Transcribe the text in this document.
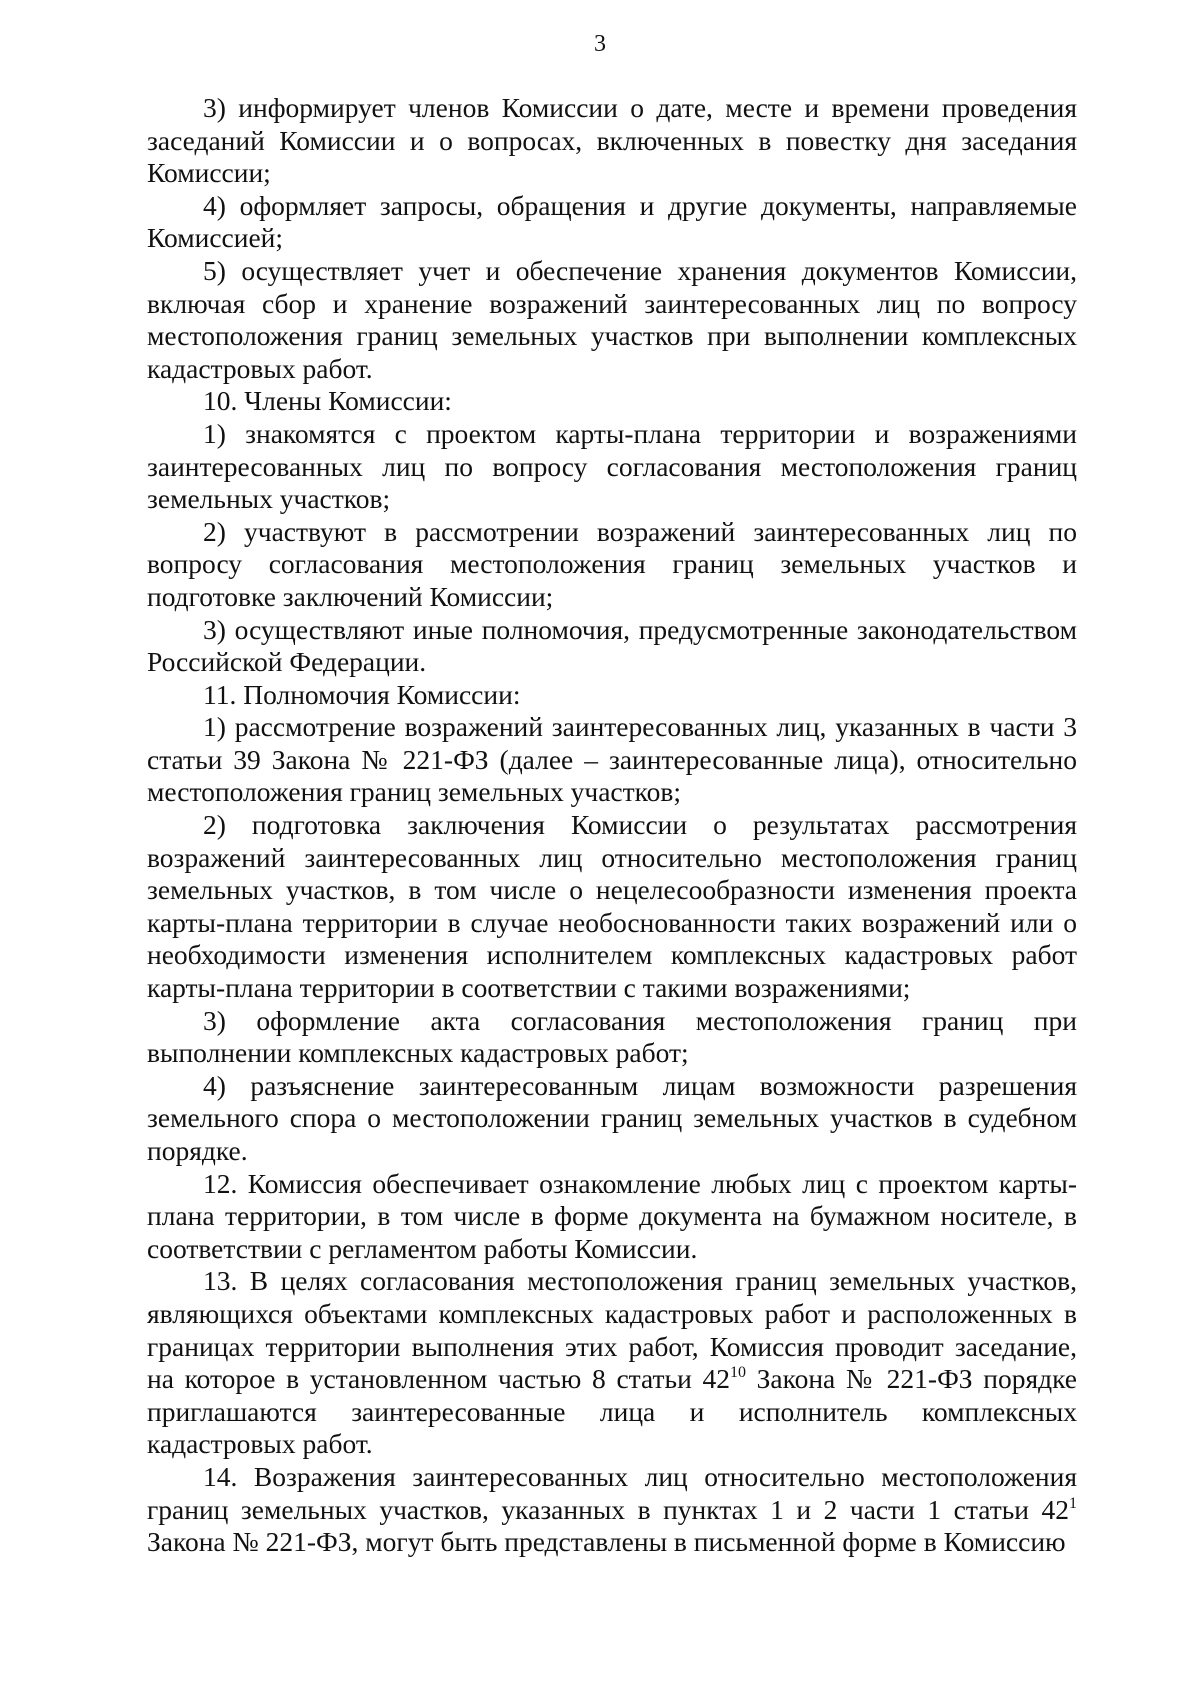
3

3) информирует членов Комиссии о дате, месте и времени проведения заседаний Комиссии и о вопросах, включенных в повестку дня заседания Комиссии;

4) оформляет запросы, обращения и другие документы, направляемые Комиссией;

5) осуществляет учет и обеспечение хранения документов Комиссии, включая сбор и хранение возражений заинтересованных лиц по вопросу местоположения границ земельных участков при выполнении комплексных кадастровых работ.

10. Члены Комиссии:

1) знакомятся с проектом карты-плана территории и возражениями заинтересованных лиц по вопросу согласования местоположения границ земельных участков;

2) участвуют в рассмотрении возражений заинтересованных лиц по вопросу согласования местоположения границ земельных участков и подготовке заключений Комиссии;

3) осуществляют иные полномочия, предусмотренные законодательством Российской Федерации.

11. Полномочия Комиссии:

1) рассмотрение возражений заинтересованных лиц, указанных в части 3 статьи 39 Закона № 221-ФЗ (далее – заинтересованные лица), относительно местоположения границ земельных участков;

2) подготовка заключения Комиссии о результатах рассмотрения возражений заинтересованных лиц относительно местоположения границ земельных участков, в том числе о нецелесообразности изменения проекта карты-плана территории в случае необоснованности таких возражений или о необходимости изменения исполнителем комплексных кадастровых работ карты-плана территории в соответствии с такими возражениями;

3) оформление акта согласования местоположения границ при выполнении комплексных кадастровых работ;

4) разъяснение заинтересованным лицам возможности разрешения земельного спора о местоположении границ земельных участков в судебном порядке.

12. Комиссия обеспечивает ознакомление любых лиц с проектом карты-плана территории, в том числе в форме документа на бумажном носителе, в соответствии с регламентом работы Комиссии.

13. В целях согласования местоположения границ земельных участков, являющихся объектами комплексных кадастровых работ и расположенных в границах территории выполнения этих работ, Комиссия проводит заседание, на которое в установленном частью 8 статьи $42^{10}$ Закона № 221-ФЗ порядке приглашаются заинтересованные лица и исполнитель комплексных кадастровых работ.

14. Возражения заинтересованных лиц относительно местоположения границ земельных участков, указанных в пунктах 1 и 2 части 1 статьи $42^1$ Закона № 221-ФЗ, могут быть представлены в письменной форме в Комиссию
